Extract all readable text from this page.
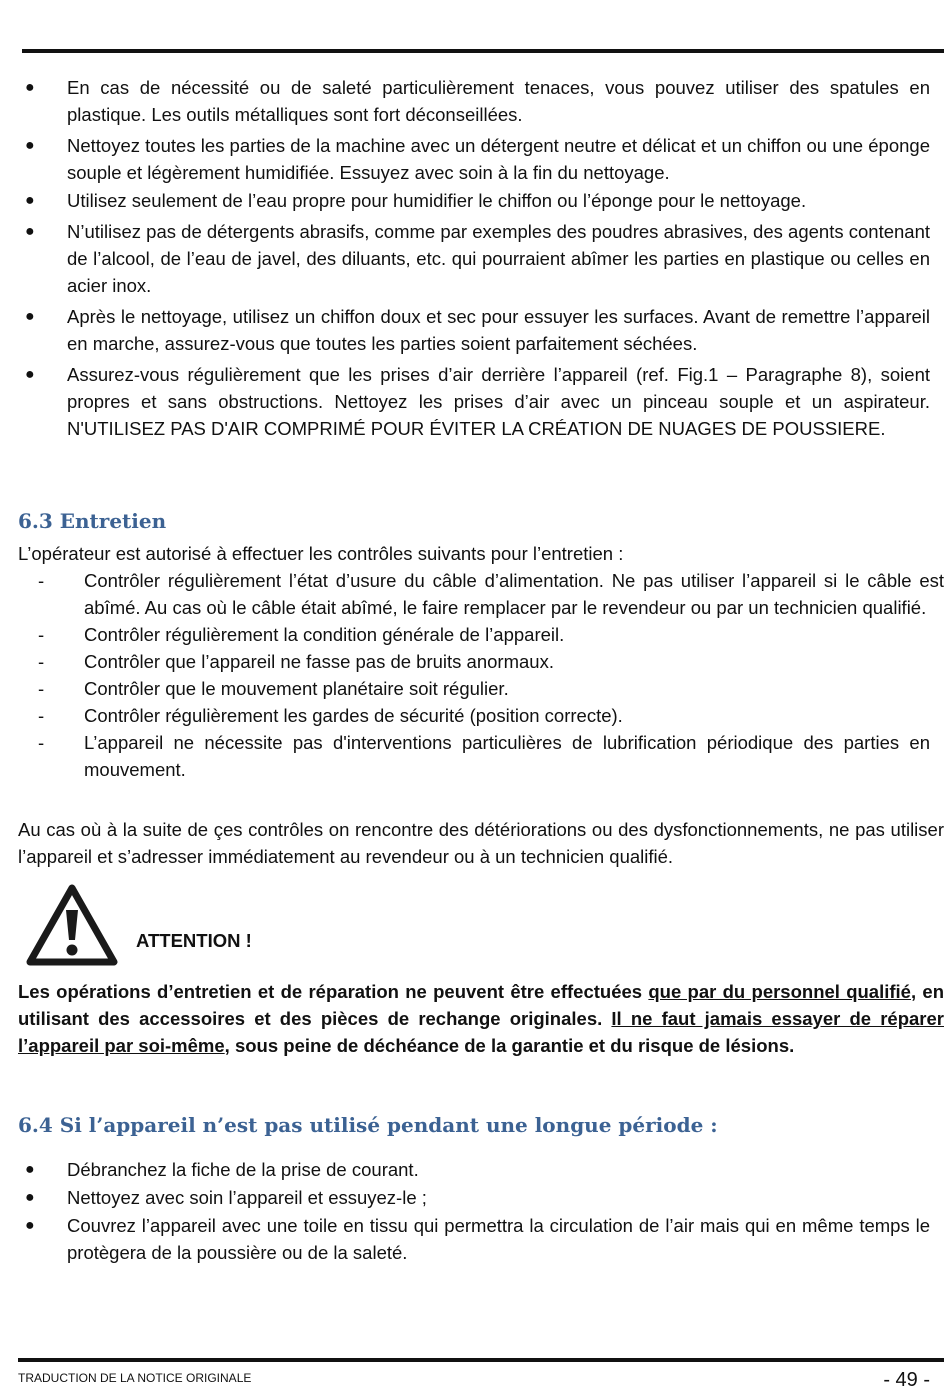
● En cas de nécessité ou de saleté particulièrement tenaces, vous pouvez utiliser des spatules en plastique. Les outils métalliques sont fort déconseillées.
● Nettoyez toutes les parties de la machine avec un détergent neutre et délicat et un chiffon ou une éponge souple et légèrement humidifiée. Essuyez avec soin à la fin du nettoyage.
● Utilisez seulement de l’eau propre pour humidifier le chiffon ou l’éponge pour le nettoyage.
● N’utilisez pas de détergents abrasifs, comme par exemples des poudres abrasives, des agents contenant de l’alcool, de l’eau de javel, des diluants, etc. qui pourraient abîmer les parties en plastique ou celles en acier inox.
● Après le nettoyage, utilisez un chiffon doux et sec pour essuyer les surfaces. Avant de remettre l’appareil en marche, assurez-vous que toutes les parties soient parfaitement séchées.
● Assurez-vous régulièrement que les prises d’air derrière l’appareil (ref. Fig.1 – Paragraphe 8), soient propres et sans obstructions. Nettoyez les prises d’air avec un pinceau souple et un aspirateur. N'UTILISEZ PAS D'AIR COMPRIMÉ POUR ÉVITER LA CRÉATION DE NUAGES DE POUSSIERE.
6.3 Entretien

L’opérateur est autorisé à effectuer les contrôles suivants pour l’entretien :

- Contrôler régulièrement l’état d’usure du câble d’alimentation. Ne pas utiliser l’appareil si le câble est abîmé. Au cas où le câble était abîmé, le faire remplacer par le revendeur ou par un technicien qualifié.
- Contrôler régulièrement la condition générale de l’appareil.
- Contrôler que l’appareil ne fasse pas de bruits anormaux.
- Contrôler que le mouvement planétaire soit régulier.
- Contrôler régulièrement les gardes de sécurité (position correcte).
- L’appareil ne nécessite pas d'interventions particulières de lubrification périodique des parties en mouvement.

Au cas où à la suite de çes contrôles on rencontre des détériorations ou des dysfonctionnements, ne pas utiliser l’appareil et s’adresser immédiatement au revendeur ou à un technicien qualifié.

ATTENTION !

Les opérations d’entretien et de réparation ne peuvent être effectuées que par du personnel qualifié, en utilisant des accessoires et des pièces de rechange originales. Il ne faut jamais essayer de réparer l’appareil par soi-même, sous peine de déchéance de la garantie et du risque de lésions.

6.4 Si l’appareil n’est pas utilisé pendant une longue période :
● Débranchez la fiche de la prise de courant.
● Nettoyez avec soin l’appareil et essuyez-le ;
● Couvrez l’appareil avec une toile en tissu qui permettra la circulation de l’air mais qui en même temps le protègera de la poussière ou de la saleté.
TRADUCTION DE LA NOTICE ORIGINALE	- 49 -
